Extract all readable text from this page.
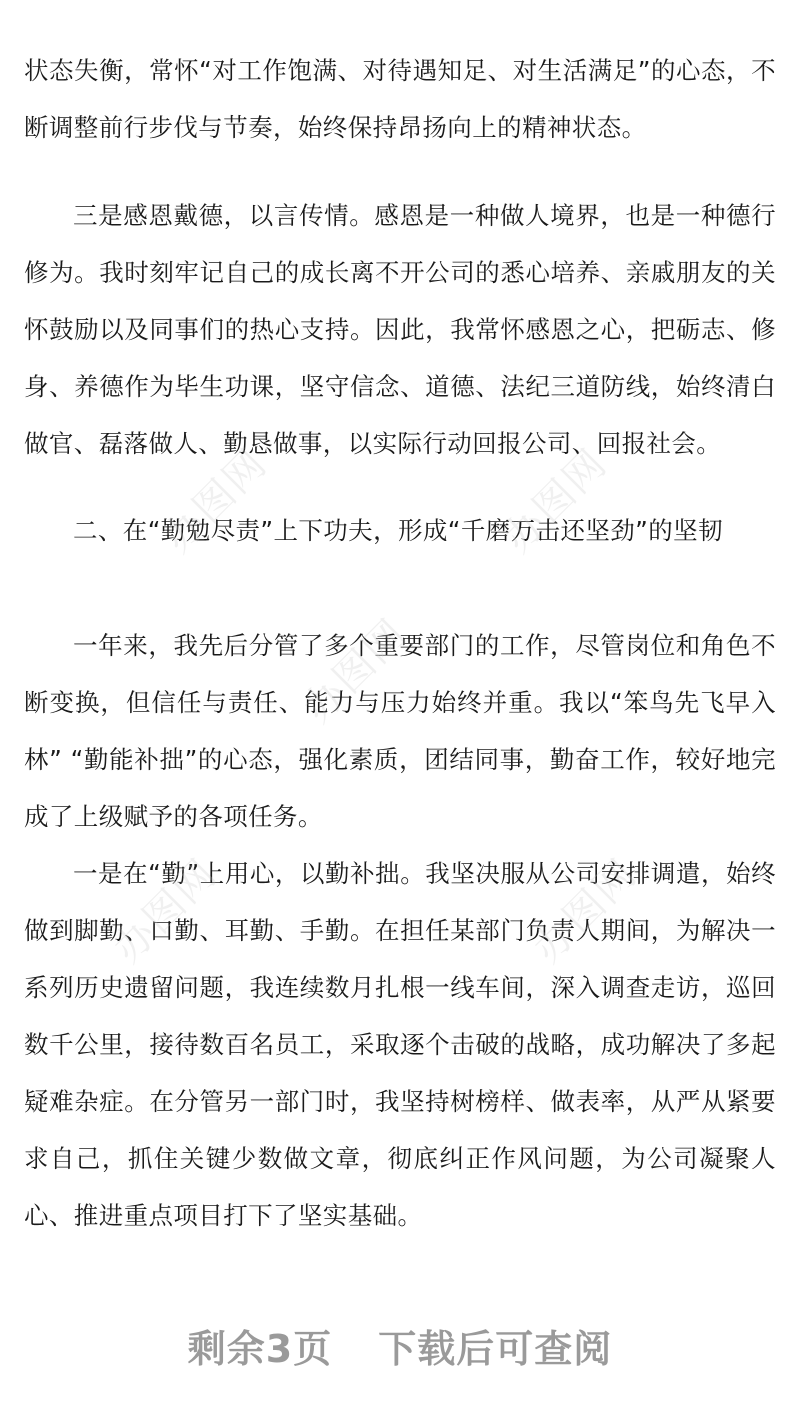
状态失衡，常怀“对工作饱满、对待遇知足、对生活满足”的心态，不断调整前行步伐与节奏，始终保持昂扬向上的精神状态。

三是感恩戴德，以言传情。感恩是一种做人境界，也是一种德行修为。我时刻牢记自己的成长离不开公司的悉心培养、亲戚朋友的关怀鼓励以及同事们的热心支持。因此，我常怀感恩之心，把砺志、修身、养德作为毕生功课，坚守信念、道德、法纪三道防线，始终清白做官、磊落做人、勤恳做事，以实际行动回报公司、回报社会。

二、在“勤勉尽责”上下功夫，形成“千磨万击还坚劲”的坚韧

一年来，我先后分管了多个重要部门的工作，尽管岗位和角色不断变换，但信任与责任、能力与压力始终并重。我以“笨鸟先飞早入林” “勤能补拙”的心态，强化素质，团结同事，勤奋工作，较好地完成了上级赋予的各项任务。

一是在“勤”上用心，以勤补拙。我坚决服从公司安排调遣，始终做到脚勤、口勤、耳勤、手勤。在担任某部门负责人期间，为解决一系列历史遗留问题，我连续数月扎根一线车间，深入调查走访，巡回数千公里，接待数百名员工，采取逐个击破的战略，成功解决了多起疑难杂症。在分管另一部门时，我坚持树榜样、做表率，从严从紧要求自己，抓住关键少数做文章，彻底纠正作风问题，为公司凝聚人心、推进重点项目打下了坚实基础。

办图网	办图网
办图网
办图网	办图网
剩余3页 下载后可查阅
